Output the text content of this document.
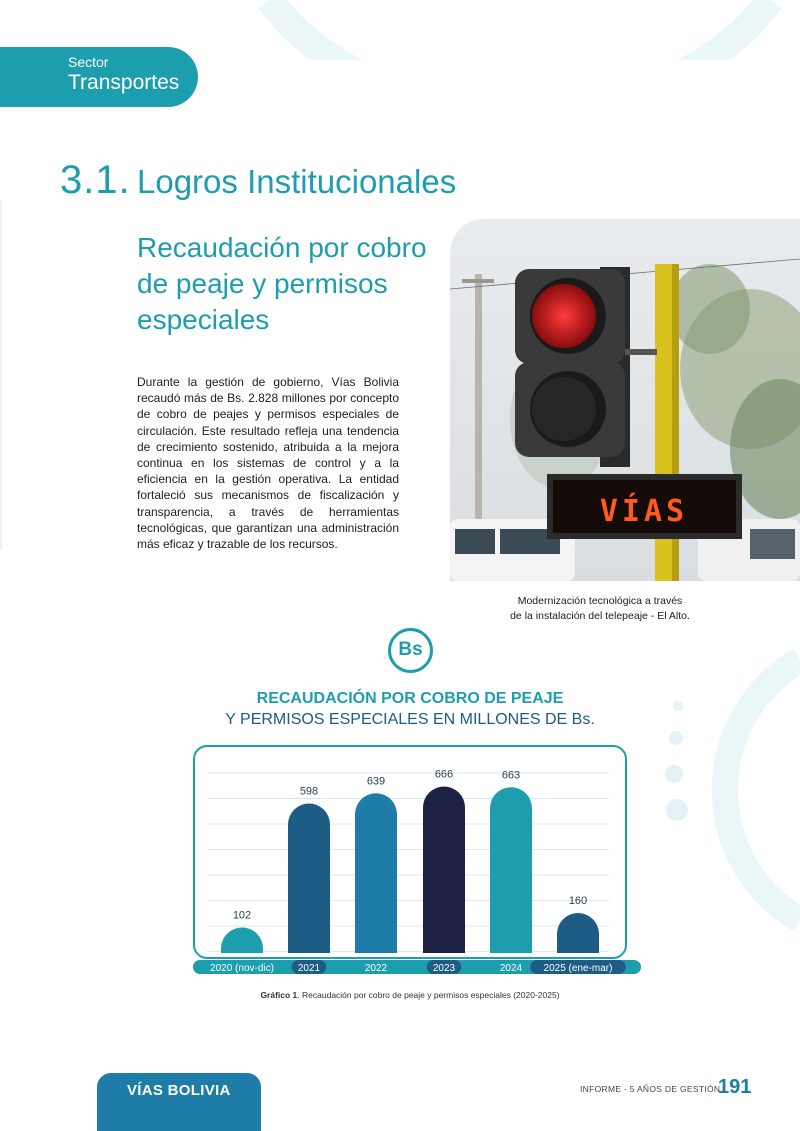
Sector
Transportes
3.1. Logros Institucionales
Recaudación por cobro de peaje y permisos especiales

Durante la gestión de gobierno, Vías Bolivia recaudó más de Bs. 2.828 millones por concepto de cobro de peajes y permisos especiales de circulación. Este resultado refleja una tendencia de crecimiento sostenido, atribuida a la mejora continua en los sistemas de control y a la eficiencia en la gestión operativa. La entidad fortaleció sus mecanismos de fiscalización y transparencia, a través de herramientas tecnológicas, que garantizan una administración más eficaz y trazable de los recursos.

VÍAS
Modernización tecnológica a través
de la instalación del telepeaje - El Alto.
Bs
RECAUDACIÓN POR COBRO DE PEAJE
Y PERMISOS ESPECIALES EN MILLONES DE Bs.
102
2020 (nov-dic)
598
2021
639
2022
666
2023
663
2024
160
2025 (ene-mar)
Gráfico 1. Recaudación por cobro de peaje y permisos especiales (2020-2025)
VÍAS BOLIVIA	INFORME - 5 AÑOS DE GESTIÓN
191
